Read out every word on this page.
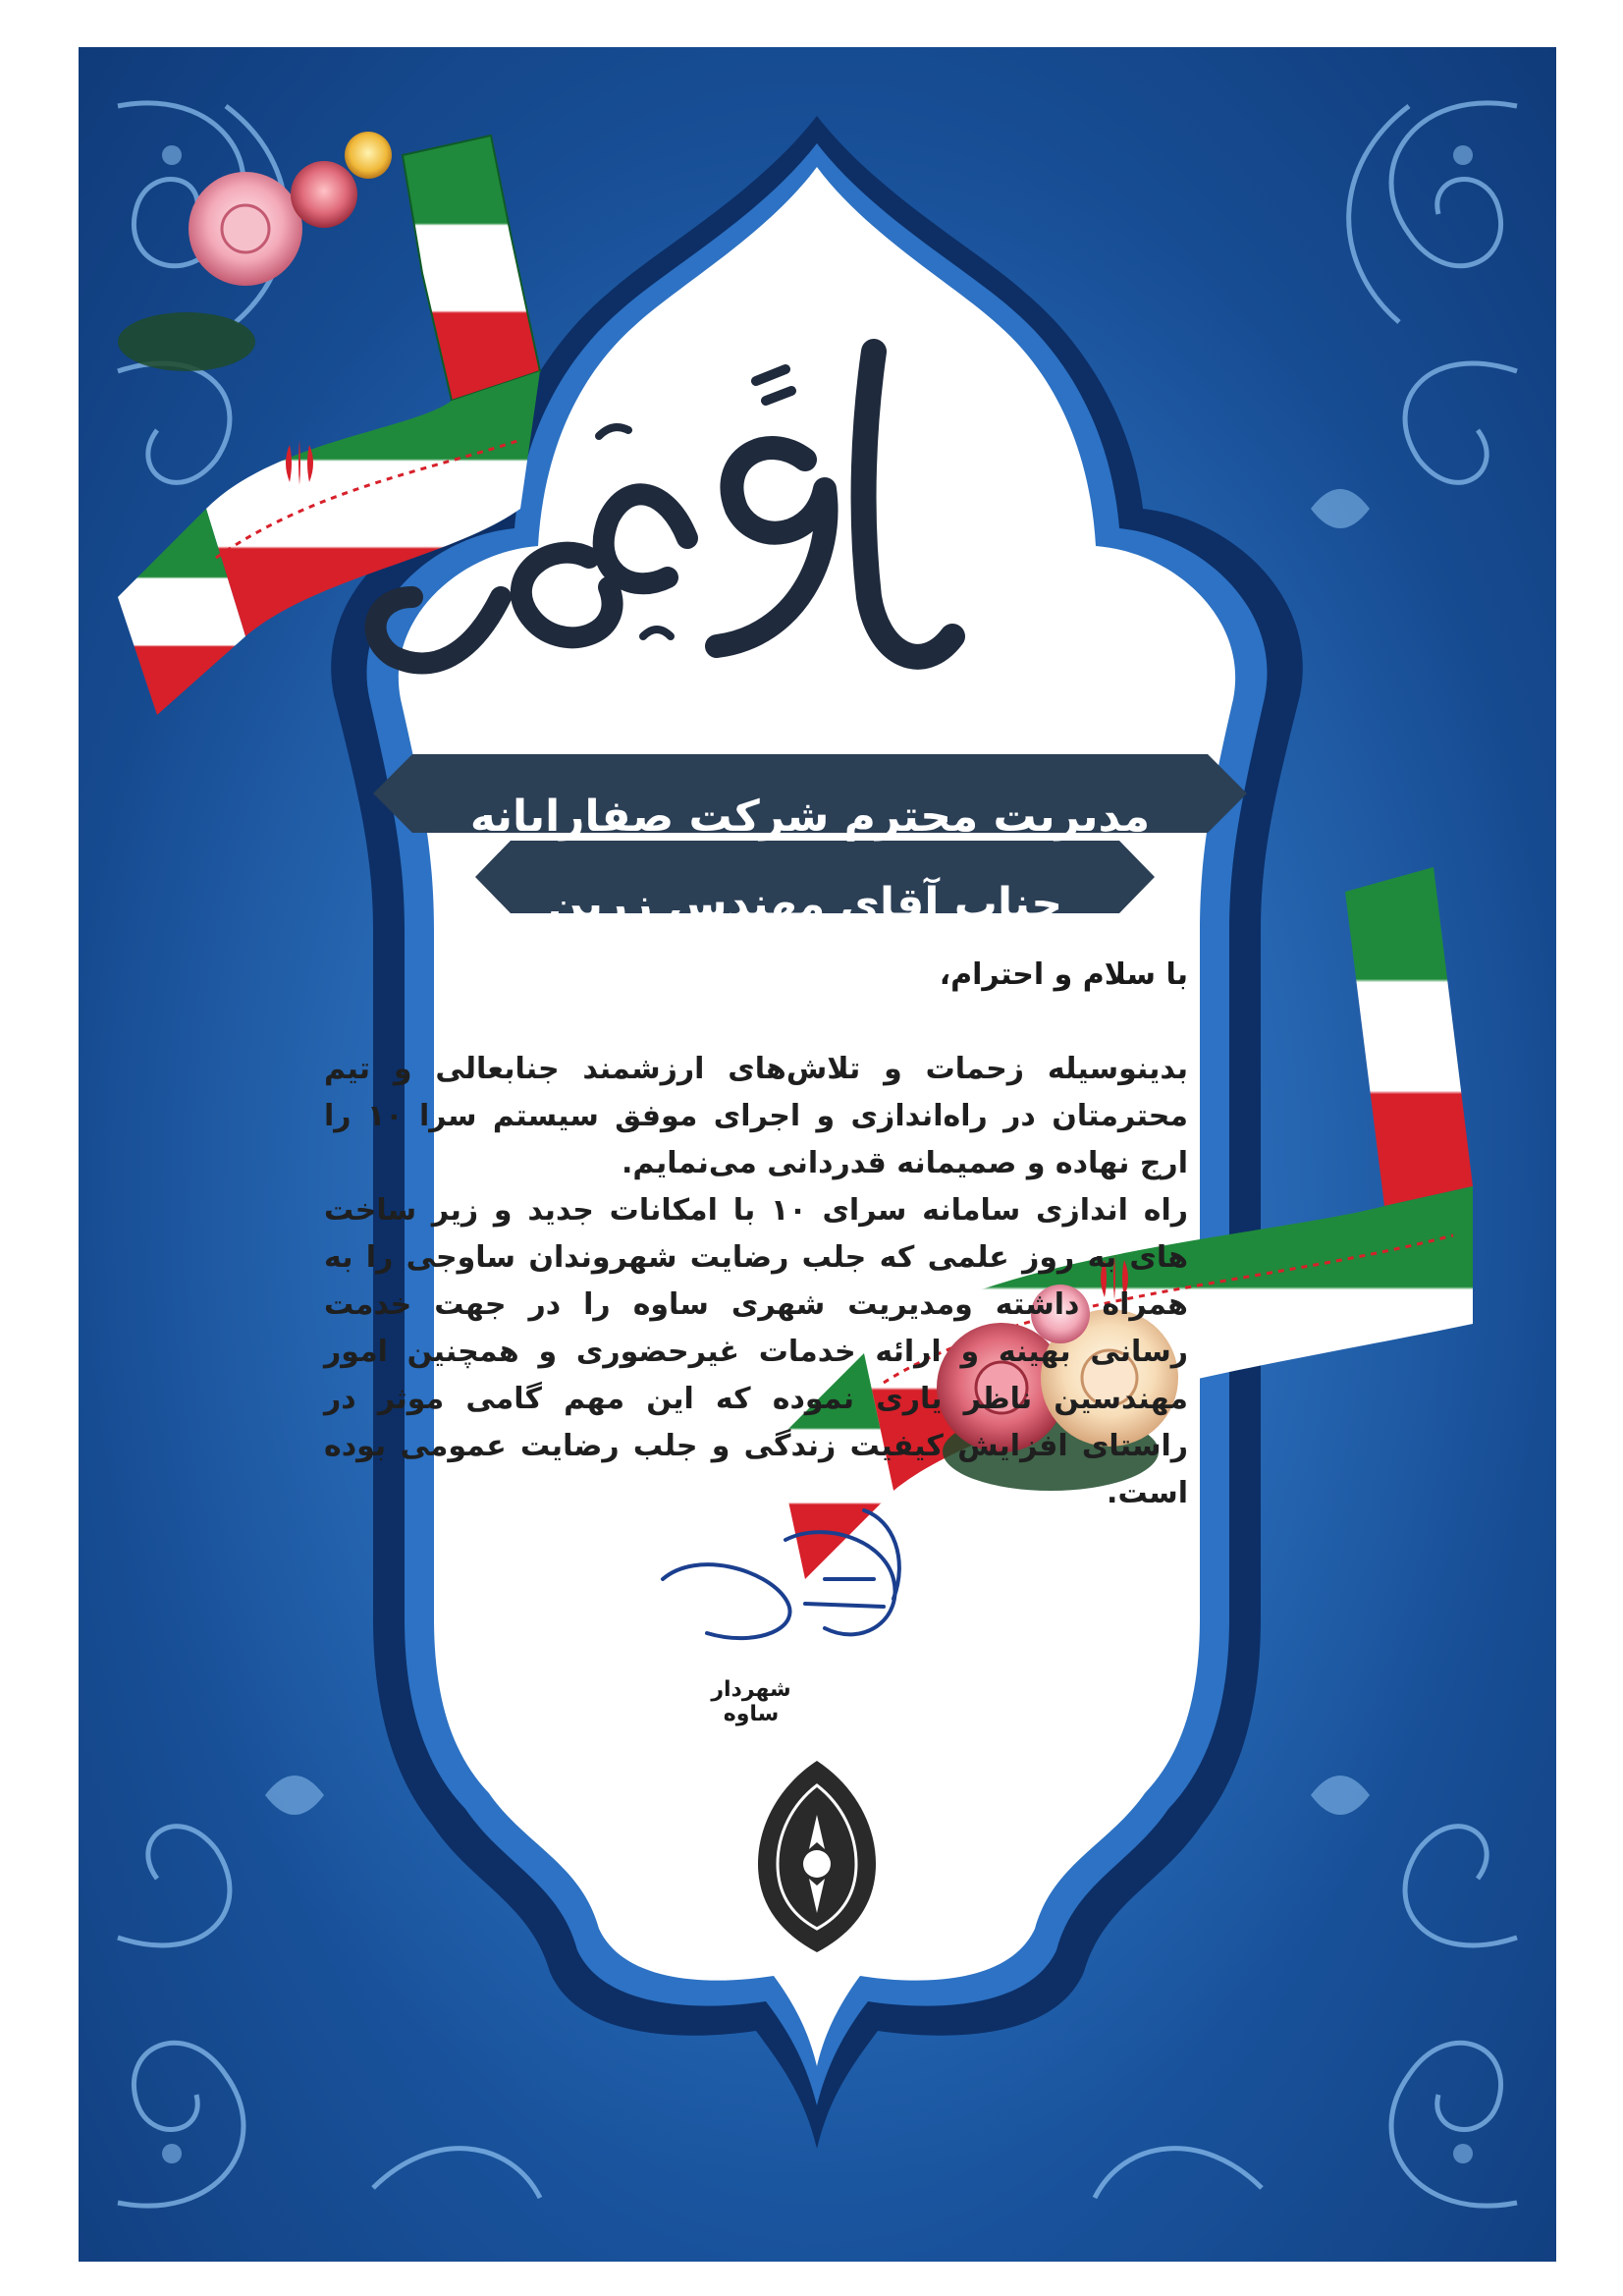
مدیریت محترم شرکت صفارایانه
جناب آقای مهندس زرین
با سلام و احترام،

بدینوسیله زحمات و تلاش‌های ارزشمند جنابعالی و تیم محترمتان در راه‌اندازی و اجرای موفق سیستم سرا ۱۰ را ارج نهاده و صمیمانه قدردانی می‌نمایم.

راه اندازی سامانه سرای ۱۰ با امکانات جدید و زیر ساخت های به روز علمی که جلب رضایت شهروندان ساوجی را به همراه داشته ومدیریت شهری ساوه را در جهت خدمت رسانی بهینه و ارائه خدمات غیرحضوری و همچنین امور مهندسین ناظر یاری نموده که این مهم گامی موثر در راستای افزایش کیفیت زندگی و جلب رضایت عمومی بوده است.

شهردار ساوه
